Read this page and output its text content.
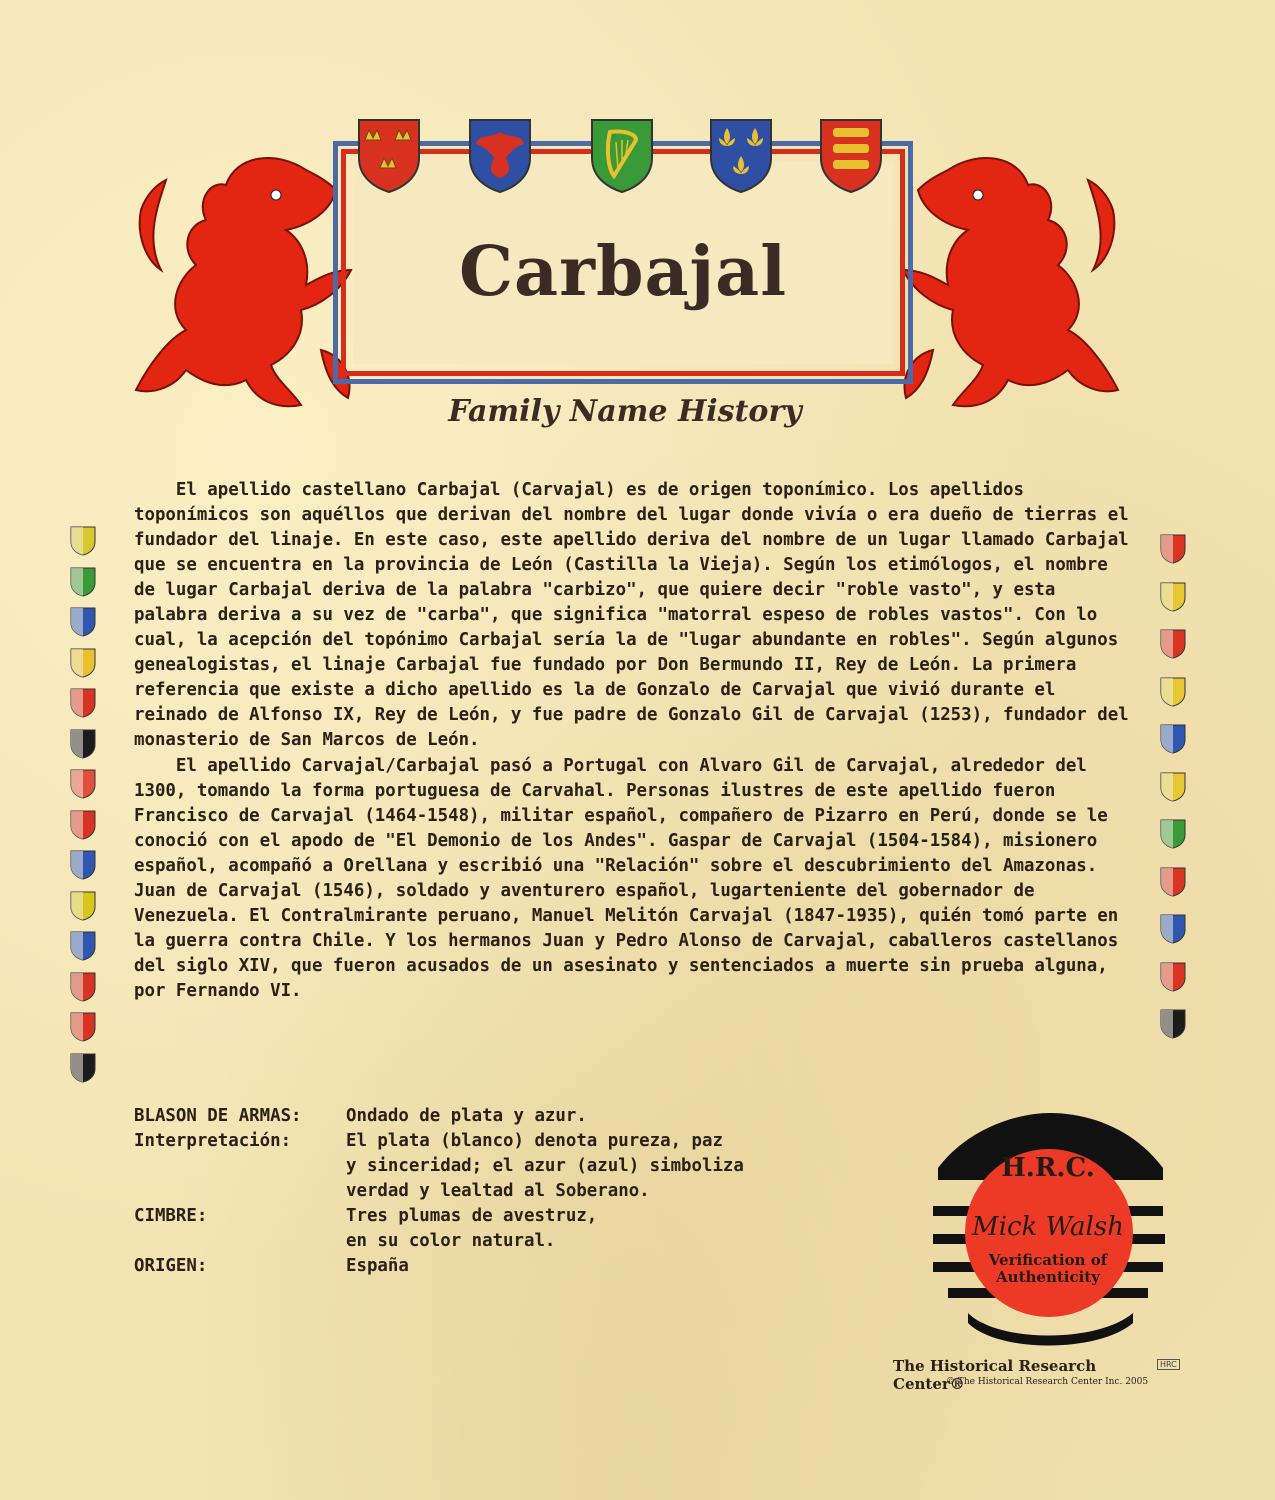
Carbajal
Family Name History

El apellido castellano Carbajal (Carvajal) es de origen toponímico. Los apellidos toponímicos son aquéllos que derivan del nombre del lugar donde vivía o era dueño de tierras el fundador del linaje. En este caso, este apellido deriva del nombre de un lugar llamado Carbajal que se encuentra en la provincia de León (Castilla la Vieja). Según los etimólogos, el nombre de lugar Carbajal deriva de la palabra "carbizo", que quiere decir "roble vasto", y esta palabra deriva a su vez de "carba", que significa "matorral espeso de robles vastos". Con lo cual, la acepción del topónimo Carbajal sería la de "lugar abundante en robles". Según algunos genealogistas, el linaje Carbajal fue fundado por Don Bermundo II, Rey de León. La primera referencia que existe a dicho apellido es la de Gonzalo de Carvajal que vivió durante el reinado de Alfonso IX, Rey de León, y fue padre de Gonzalo Gil de Carvajal (1253), fundador del monasterio de San Marcos de León.

El apellido Carvajal/Carbajal pasó a Portugal con Alvaro Gil de Carvajal, alrededor del 1300, tomando la forma portuguesa de Carvahal. Personas ilustres de este apellido fueron Francisco de Carvajal (1464-1548), militar español, compañero de Pizarro en Perú, donde se le conoció con el apodo de "El Demonio de los Andes". Gaspar de Carvajal (1504-1584), misionero español, acompañó a Orellana y escribió una "Relación" sobre el descubrimiento del Amazonas. Juan de Carvajal (1546), soldado y aventurero español, lugarteniente del gobernador de Venezuela. El Contralmirante peruano, Manuel Melitón Carvajal (1847-1935), quién tomó parte en la guerra contra Chile. Y los hermanos Juan y Pedro Alonso de Carvajal, caballeros castellanos del siglo XIV, que fueron acusados de un asesinato y sentenciados a muerte sin prueba alguna, por Fernando VI.

BLASON DE ARMAS:	Ondado de plata y azur.
Interpretación:	El plata (blanco) denota pureza, paz
y sinceridad; el azur (azul) simboliza
verdad y lealtad al Soberano.
CIMBRE:	Tres plumas de avestruz,
en su color natural.
ORIGEN:	España
H.R.C.
Mick Walsh
Verification of
Authenticity
The Historical Research Center®
HRC
© The Historical Research Center Inc. 2005
